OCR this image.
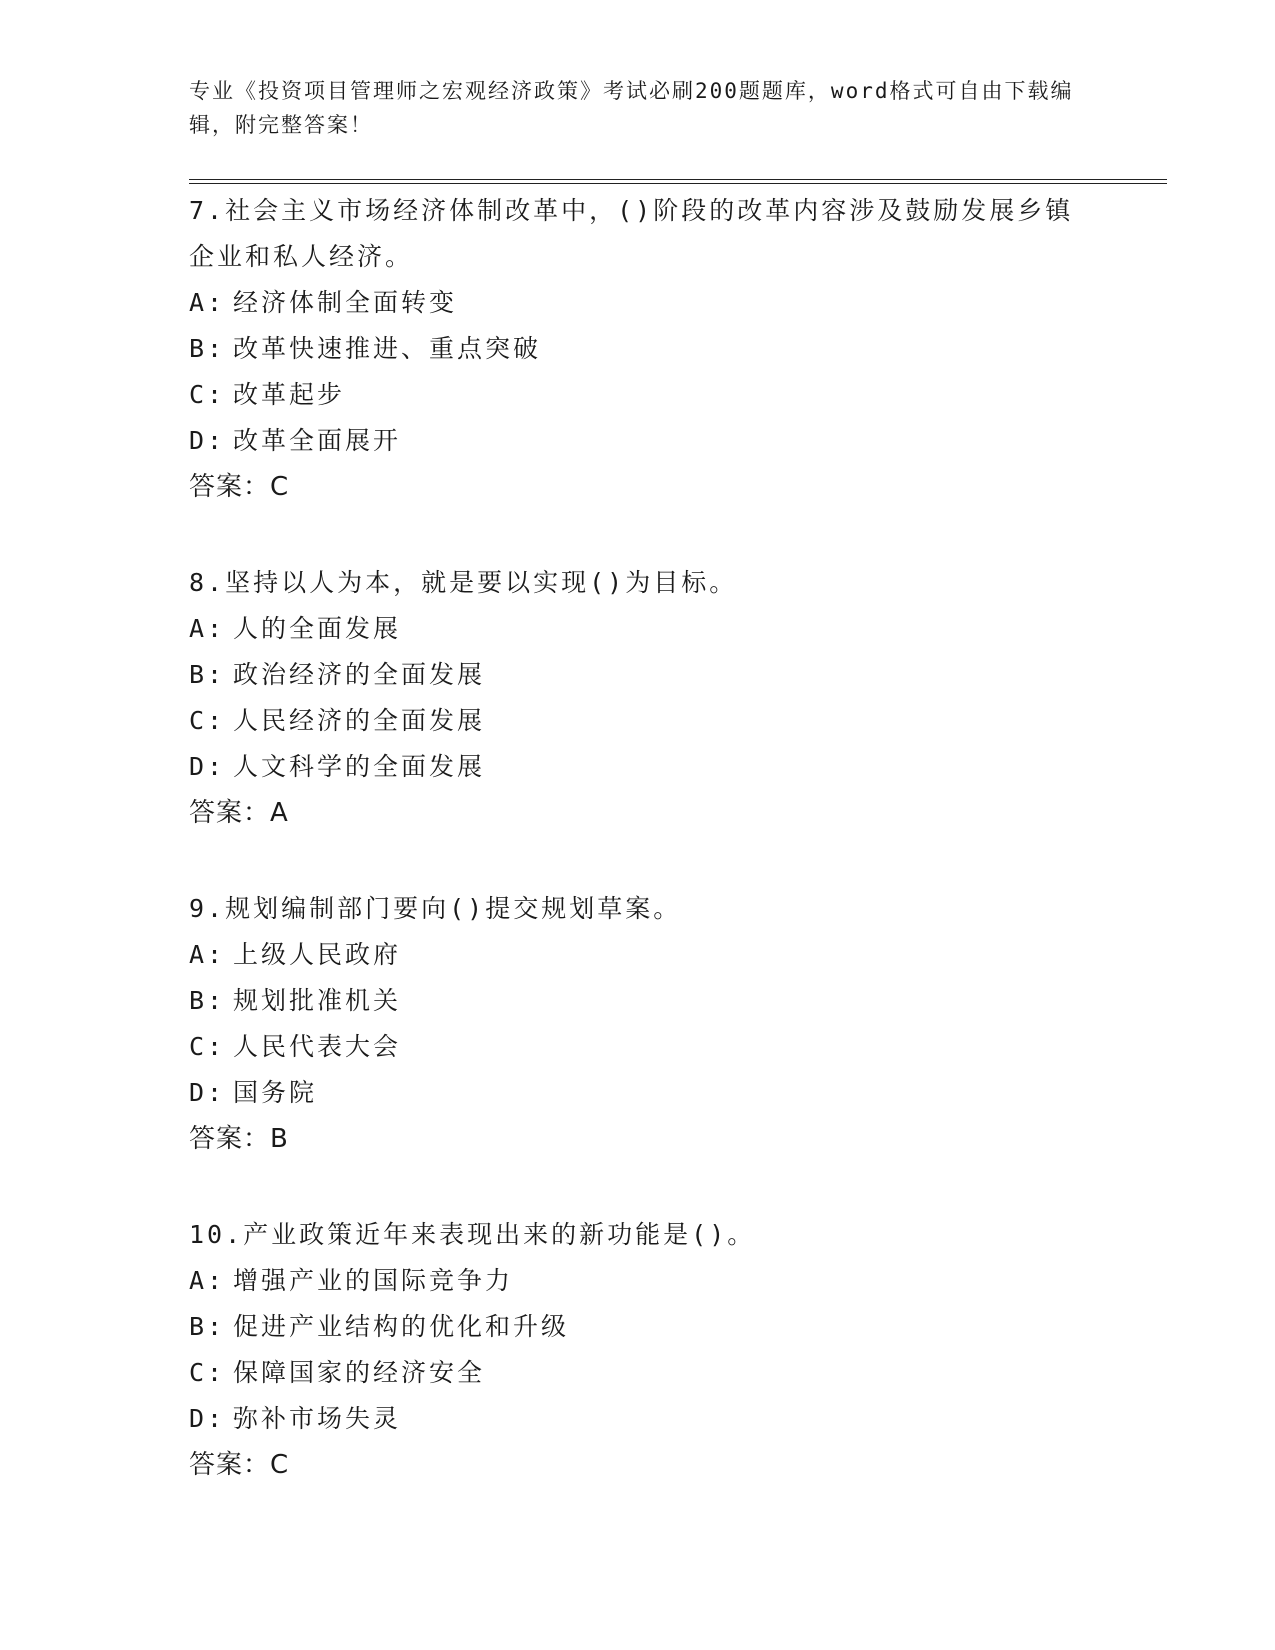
专业《投资项目管理师之宏观经济政策》考试必刷200题题库，word格式可自由下载编辑，附完整答案！
7.社会主义市场经济体制改革中，()阶段的改革内容涉及鼓励发展乡镇企业和私人经济。
A: 经济体制全面转变
B: 改革快速推进、重点突破
C: 改革起步
D: 改革全面展开
答案：C
8.坚持以人为本，就是要以实现()为目标。
A: 人的全面发展
B: 政治经济的全面发展
C: 人民经济的全面发展
D: 人文科学的全面发展
答案：A
9.规划编制部门要向()提交规划草案。
A: 上级人民政府
B: 规划批准机关
C: 人民代表大会
D: 国务院
答案：B
10.产业政策近年来表现出来的新功能是()。
A: 增强产业的国际竞争力
B: 促进产业结构的优化和升级
C: 保障国家的经济安全
D: 弥补市场失灵
答案：C
